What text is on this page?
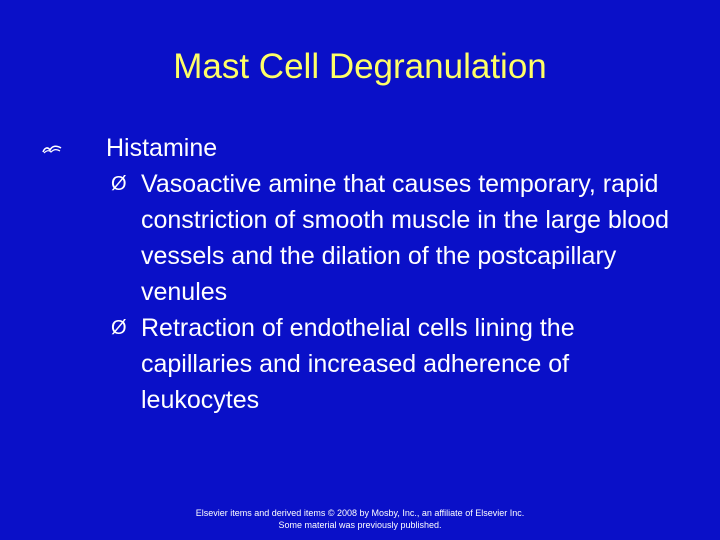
Mast Cell Degranulation
Histamine
Ø Vasoactive amine that causes temporary, rapid constriction of smooth muscle in the large blood vessels and the dilation of the postcapillary venules
Ø Retraction of endothelial cells lining the capillaries and increased adherence of leukocytes
Elsevier items and derived items © 2008 by Mosby, Inc., an affiliate of Elsevier Inc.
Some material was previously published.
